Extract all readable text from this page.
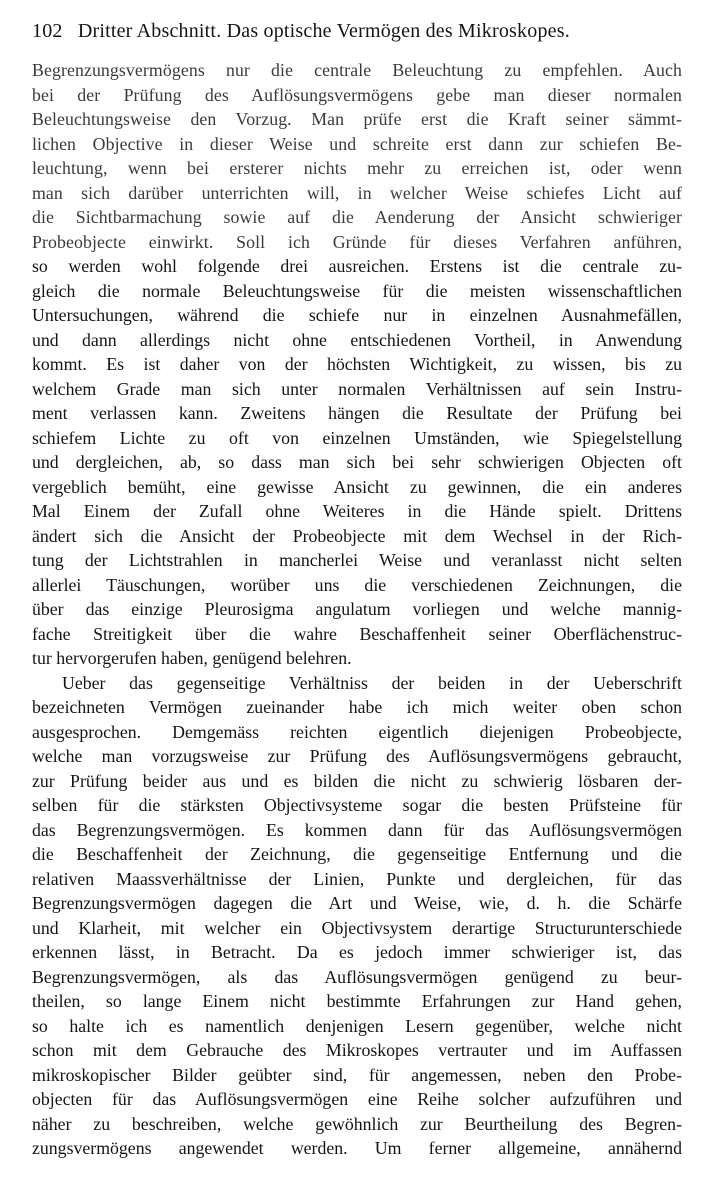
102 Dritter Abschnitt. Das optische Vermögen des Mikroskopes.
Begrenzungsvermögens nur die centrale Beleuchtung zu empfehlen. Auch
bei der Prüfung des Auflösungsvermögens gebe man dieser normalen
Beleuchtungsweise den Vorzug. Man prüfe erst die Kraft seiner sämmt-
lichen Objective in dieser Weise und schreite erst dann zur schiefen Be-
leuchtung, wenn bei ersterer nichts mehr zu erreichen ist, oder wenn
man sich darüber unterrichten will, in welcher Weise schiefes Licht auf
die Sichtbarmachung sowie auf die Aenderung der Ansicht schwieriger
Probeobjecte einwirkt. Soll ich Gründe für dieses Verfahren anführen,
so werden wohl folgende drei ausreichen. Erstens ist die centrale zu-
gleich die normale Beleuchtungsweise für die meisten wissenschaftlichen
Untersuchungen, während die schiefe nur in einzelnen Ausnahmefällen,
und dann allerdings nicht ohne entschiedenen Vortheil, in Anwendung
kommt. Es ist daher von der höchsten Wichtigkeit, zu wissen, bis zu
welchem Grade man sich unter normalen Verhältnissen auf sein Instru-
ment verlassen kann. Zweitens hängen die Resultate der Prüfung bei
schiefem Lichte zu oft von einzelnen Umständen, wie Spiegelstellung
und dergleichen, ab, so dass man sich bei sehr schwierigen Objecten oft
vergeblich bemüht, eine gewisse Ansicht zu gewinnen, die ein anderes
Mal Einem der Zufall ohne Weiteres in die Hände spielt. Drittens
ändert sich die Ansicht der Probeobjecte mit dem Wechsel in der Rich-
tung der Lichtstrahlen in mancherlei Weise und veranlasst nicht selten
allerlei Täuschungen, worüber uns die verschiedenen Zeichnungen, die
über das einzige Pleurosigma angulatum vorliegen und welche mannig-
fache Streitigkeit über die wahre Beschaffenheit seiner Oberflächenstruc-
tur hervorgerufen haben, genügend belehren.
Ueber das gegenseitige Verhältniss der beiden in der Ueberschrift
bezeichneten Vermögen zueinander habe ich mich weiter oben schon
ausgesprochen. Demgemäss reichten eigentlich diejenigen Probeobjecte,
welche man vorzugsweise zur Prüfung des Auflösungsvermögens gebraucht,
zur Prüfung beider aus und es bilden die nicht zu schwierig lösbaren der-
selben für die stärksten Objectivsysteme sogar die besten Prüfsteine für
das Begrenzungsvermögen. Es kommen dann für das Auflösungsvermögen
die Beschaffenheit der Zeichnung, die gegenseitige Entfernung und die
relativen Maassverhältnisse der Linien, Punkte und dergleichen, für das
Begrenzungsvermögen dagegen die Art und Weise, wie, d. h. die Schärfe
und Klarheit, mit welcher ein Objectivsystem derartige Structurunterschiede
erkennen lässt, in Betracht. Da es jedoch immer schwieriger ist, das
Begrenzungsvermögen, als das Auflösungsvermögen genügend zu beur-
theilen, so lange Einem nicht bestimmte Erfahrungen zur Hand gehen,
so halte ich es namentlich denjenigen Lesern gegenüber, welche nicht
schon mit dem Gebrauche des Mikroskopes vertrauter und im Auffassen
mikroskopischer Bilder geübter sind, für angemessen, neben den Probe-
objecten für das Auflösungsvermögen eine Reihe solcher aufzuführen und
näher zu beschreiben, welche gewöhnlich zur Beurtheilung des Begren-
zungsvermögens angewendet werden. Um ferner allgemeine, annähernd
